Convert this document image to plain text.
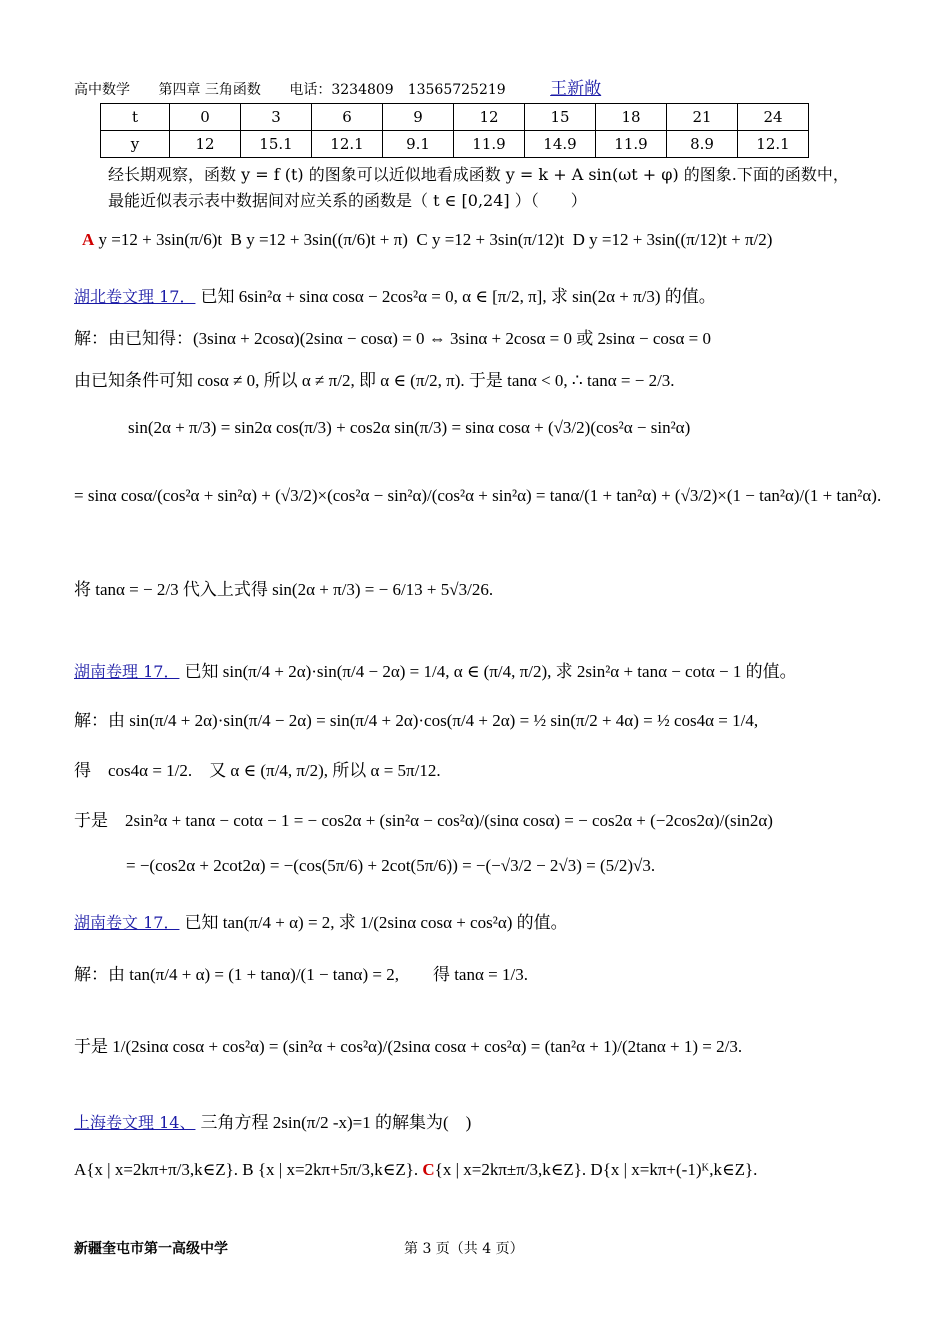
高中数学 第四章 三角函数 电话：3234809　13565725219	王新敞
t	0	3	6	9	12	15	18	21	24
y	12	15.1	12.1	9.1	11.9	14.9	11.9	8.9	12.1
经长期观察，函数 y = f (t) 的图象可以近似地看成函数 y = k + A sin(ωt + φ) 的图象.下面的函数中，
最能近似表示表中数据间对应关系的函数是（ t ∈ [0,24] ）（　　）
A y =12 + 3sin(π/6)t B y =12 + 3sin((π/6)t + π) C y =12 + 3sin(π/12)t D y =12 + 3sin((π/12)t + π/2)
湖北卷文理 17． 已知 6sin²α + sinα cosα − 2cos²α = 0, α ∈ [π/2, π], 求 sin(2α + π/3) 的值。
解：由已知得：(3sinα + 2cosα)(2sinα − cosα) = 0 ⇔ 3sinα + 2cosα = 0 或 2sinα − cosα = 0
由已知条件可知 cosα ≠ 0, 所以 α ≠ π/2, 即 α ∈ (π/2, π). 于是 tanα < 0, ∴ tanα = − 2/3.
sin(2α + π/3) = sin2α cos(π/3) + cos2α sin(π/3) = sinα cosα + (√3/2)(cos²α − sin²α)
= sinα cosα/(cos²α + sin²α) + (√3/2)×(cos²α − sin²α)/(cos²α + sin²α) = tanα/(1 + tan²α) + (√3/2)×(1 − tan²α)/(1 + tan²α).
将 tanα = − 2/3 代入上式得 sin(2α + π/3) = − 6/13 + 5√3/26.
湖南卷理 17． 已知 sin(π/4 + 2α)·sin(π/4 − 2α) = 1/4, α ∈ (π/4, π/2), 求 2sin²α + tanα − cotα − 1 的值。
解：由 sin(π/4 + 2α)·sin(π/4 − 2α) = sin(π/4 + 2α)·cos(π/4 + 2α) = ½ sin(π/2 + 4α) = ½ cos4α = 1/4,
得　cos4α = 1/2.　又 α ∈ (π/4, π/2), 所以 α = 5π/12.
于是　2sin²α + tanα − cotα − 1 = − cos2α + (sin²α − cos²α)/(sinα cosα) = − cos2α + (−2cos2α)/(sin2α)
= −(cos2α + 2cot2α) = −(cos(5π/6) + 2cot(5π/6)) = −(−√3/2 − 2√3) = (5/2)√3.
湖南卷文 17． 已知 tan(π/4 + α) = 2, 求 1/(2sinα cosα + cos²α) 的值。
解：由 tan(π/4 + α) = (1 + tanα)/(1 − tanα) = 2,　　得 tanα = 1/3.
于是 1/(2sinα cosα + cos²α) = (sin²α + cos²α)/(2sinα cosα + cos²α) = (tan²α + 1)/(2tanα + 1) = 2/3.
上海卷文理 14、 三角方程 2sin(π/2 -x)=1 的解集为(　)
A{x | x=2kπ+π/3,k∈Z}. B {x | x=2kπ+5π/3,k∈Z}. C{x | x=2kπ±π/3,k∈Z}. D{x | x=kπ+(-1)ᴷ,k∈Z}.
新疆奎屯市第一高级中学	第 3 页（共 4 页）
